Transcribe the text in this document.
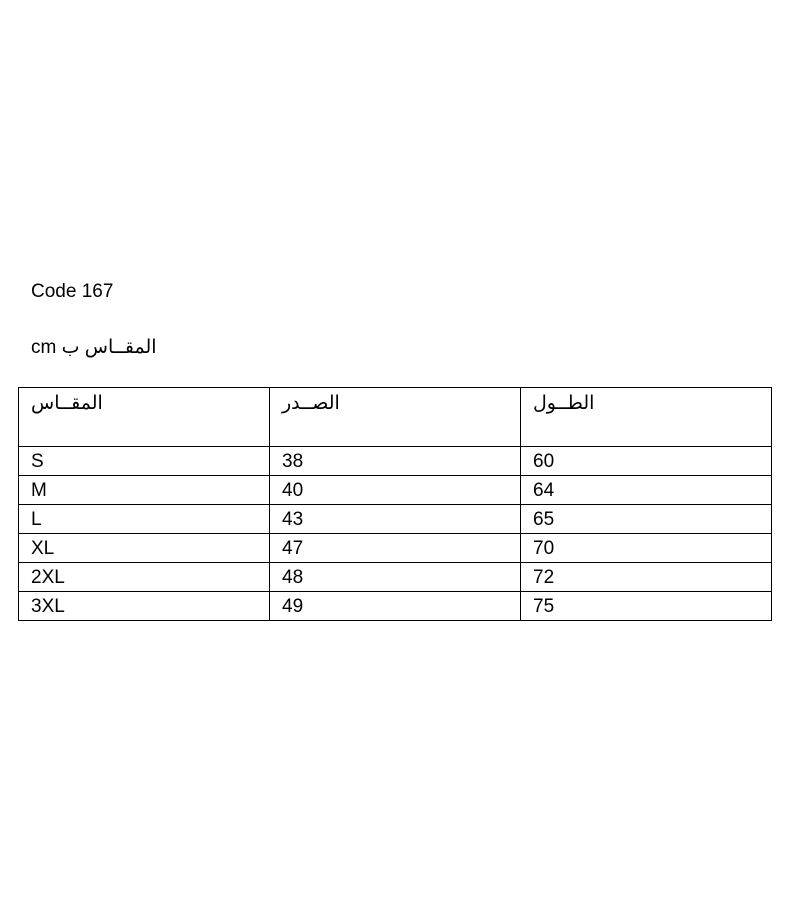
Code 167
cm المقــاس ب
المقــاس	الصــدر	الطــول
S	38	60
M	40	64
L	43	65
XL	47	70
2XL	48	72
3XL	49	75
